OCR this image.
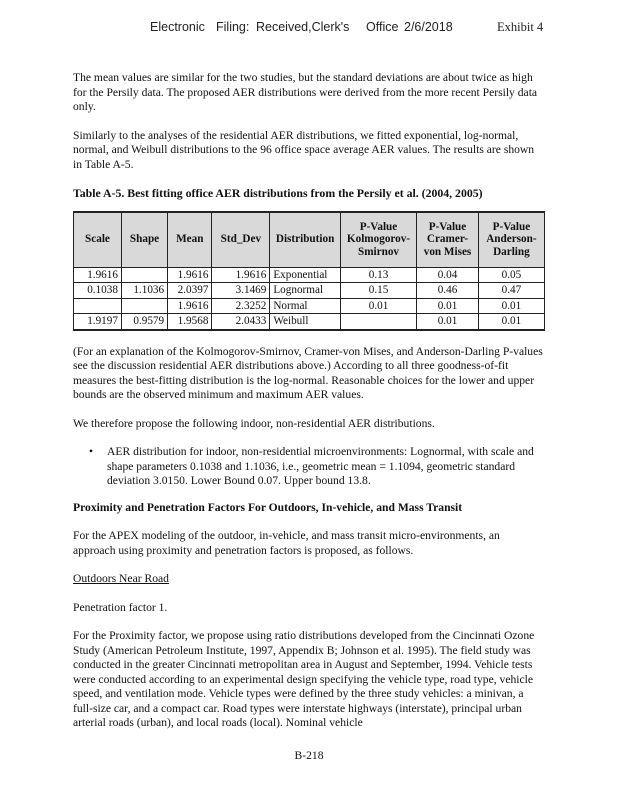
Electronic Filing: Received,Clerk's Office 2/6/2018	Exhibit 4

The mean values are similar for the two studies, but the standard deviations are about twice as high for the Persily data. The proposed AER distributions were derived from the more recent Persily data only.

Similarly to the analyses of the residential AER distributions, we fitted exponential, log-normal, normal, and Weibull distributions to the 96 office space average AER values. The results are shown in Table A-5.

Table A-5. Best fitting office AER distributions from the Persily et al. (2004, 2005)
Scale	Shape	Mean	Std_Dev	Distribution	P-Value Kolmogorov-Smirnov	P-Value Cramer-von Mises	P-Value Anderson-Darling
1.9616		1.9616	1.9616	Exponential	0.13	0.04	0.05
0.1038	1.1036	2.0397	3.1469	Lognormal	0.15	0.46	0.47
		1.9616	2.3252	Normal	0.01	0.01	0.01
1.9197	0.9579	1.9568	2.0433	Weibull		0.01	0.01

(For an explanation of the Kolmogorov-Smirnov, Cramer-von Mises, and Anderson-Darling P-values see the discussion residential AER distributions above.) According to all three goodness-of-fit measures the best-fitting distribution is the log-normal. Reasonable choices for the lower and upper bounds are the observed minimum and maximum AER values.

We therefore propose the following indoor, non-residential AER distributions.

• AER distribution for indoor, non-residential microenvironments: Lognormal, with scale and shape parameters 0.1038 and 1.1036, i.e., geometric mean = 1.1094, geometric standard deviation 3.0150. Lower Bound 0.07. Upper bound 13.8.
Proximity and Penetration Factors For Outdoors, In-vehicle, and Mass Transit

For the APEX modeling of the outdoor, in-vehicle, and mass transit micro-environments, an approach using proximity and penetration factors is proposed, as follows.

Outdoors Near Road

Penetration factor 1.

For the Proximity factor, we propose using ratio distributions developed from the Cincinnati Ozone Study (American Petroleum Institute, 1997, Appendix B; Johnson et al. 1995). The field study was conducted in the greater Cincinnati metropolitan area in August and September, 1994. Vehicle tests were conducted according to an experimental design specifying the vehicle type, road type, vehicle speed, and ventilation mode. Vehicle types were defined by the three study vehicles: a minivan, a full-size car, and a compact car. Road types were interstate highways (interstate), principal urban arterial roads (urban), and local roads (local). Nominal vehicle

B-218
